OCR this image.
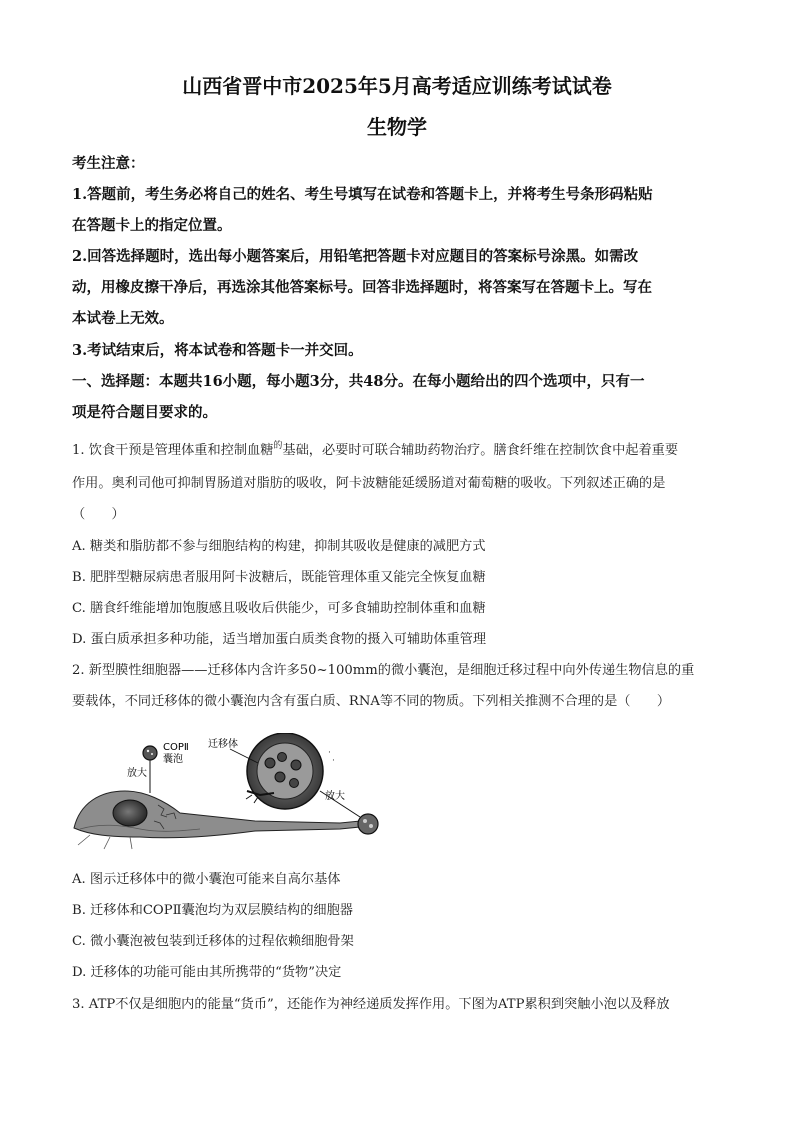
山西省晋中市2025年5月高考适应训练考试试卷
生物学
考生注意：
1.答题前，考生务必将自己的姓名、考生号填写在试卷和答题卡上，并将考生号条形码粘贴
在答题卡上的指定位置。
2.回答选择题时，选出每小题答案后，用铅笔把答题卡对应题目的答案标号涂黑。如需改
动，用橡皮擦干净后，再选涂其他答案标号。回答非选择题时，将答案写在答题卡上。写在
本试卷上无效。
3.考试结束后，将本试卷和答题卡一并交回。
一、选择题：本题共16小题，每小题3分，共48分。在每小题给出的四个选项中，只有一
项是符合题目要求的。
1. 饮食干预是管理体重和控制血糖$^的$基础，必要时可联合辅助药物治疗。膳食纤维在控制饮食中起着重要
作用。奥利司他可抑制胃肠道对脂肪的吸收，阿卡波糖能延缓肠道对葡萄糖的吸收。下列叙述正确的是
（　　）
A. 糖类和脂肪都不参与细胞结构的构建，抑制其吸收是健康的减肥方式
B. 肥胖型糖尿病患者服用阿卡波糖后，既能管理体重又能完全恢复血糖
C. 膳食纤维能增加饱腹感且吸收后供能少，可多食辅助控制体重和血糖
D. 蛋白质承担多种功能，适当增加蛋白质类食物的摄入可辅助体重管理
2. 新型膜性细胞器——迁移体内含许多50~100mm的微小囊泡，是细胞迁移过程中向外传递生物信息的重
要载体，不同迁移体的微小囊泡内含有蛋白质、RNA等不同的物质。下列相关推测不合理的是（　　）
COPⅡ
囊泡
放大
迁移体
放大
·
·
A. 图示迁移体中的微小囊泡可能来自高尔基体
B. 迁移体和COPⅡ囊泡均为双层膜结构的细胞器
C. 微小囊泡被包装到迁移体的过程依赖细胞骨架
D. 迁移体的功能可能由其所携带的“货物”决定
3. ATP不仅是细胞内的能量“货币”，还能作为神经递质发挥作用。下图为ATP累积到突触小泡以及释放
